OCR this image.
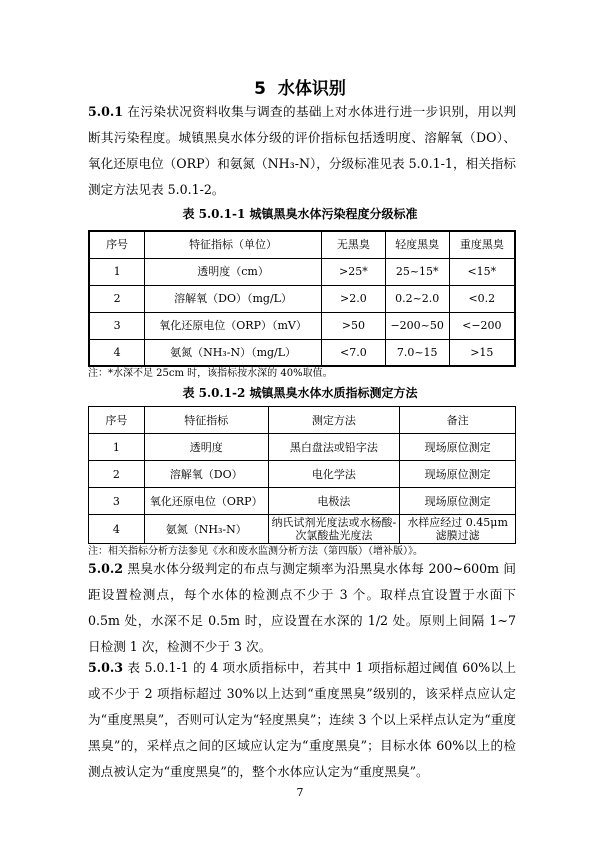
5 水体识别
5.0.1 在污染状况资料收集与调查的基础上对水体进行进一步识别，用以判断其污染程度。城镇黑臭水体分级的评价指标包括透明度、溶解氧（DO）、氧化还原电位（ORP）和氨氮（NH₃-N），分级标准见表 5.0.1-1，相关指标测定方法见表 5.0.1-2。
表 5.0.1-1 城镇黑臭水体污染程度分级标准
序号	特征指标（单位）	无黑臭	轻度黑臭	重度黑臭
1	透明度（cm）	>25*	25~15*	<15*
2	溶解氧（DO）（mg/L）	>2.0	0.2~2.0	<0.2
3	氧化还原电位（ORP）（mV）	>50	−200~50	<−200
4	氨氮（NH₃-N）（mg/L）	<7.0	7.0~15	>15
注：*水深不足 25cm 时，该指标按水深的 40%取值。
表 5.0.1-2 城镇黑臭水体水质指标测定方法
序号	特征指标	测定方法	备注
1	透明度	黑白盘法或铅字法	现场原位测定
2	溶解氧（DO）	电化学法	现场原位测定
3	氧化还原电位（ORP）	电极法	现场原位测定
4	氨氮（NH₃-N）	纳氏试剂光度法或水杨酸-次氯酸盐光度法	水样应经过 0.45μm 滤膜过滤
注：相关指标分析方法参见《水和废水监测分析方法（第四版）（增补版）》。
5.0.2 黑臭水体分级判定的布点与测定频率为沿黑臭水体每 200~600m 间距设置检测点，每个水体的检测点不少于 3 个。取样点宜设置于水面下 0.5m 处，水深不足 0.5m 时，应设置在水深的 1/2 处。原则上间隔 1~7 日检测 1 次，检测不少于 3 次。
5.0.3 表 5.0.1-1 的 4 项水质指标中，若其中 1 项指标超过阈值 60%以上或不少于 2 项指标超过 30%以上达到“重度黑臭”级别的，该采样点应认定为“重度黑臭”，否则可认定为“轻度黑臭”；连续 3 个以上采样点认定为“重度黑臭”的，采样点之间的区域应认定为“重度黑臭”；目标水体 60%以上的检测点被认定为“重度黑臭”的，整个水体应认定为“重度黑臭”。
7
